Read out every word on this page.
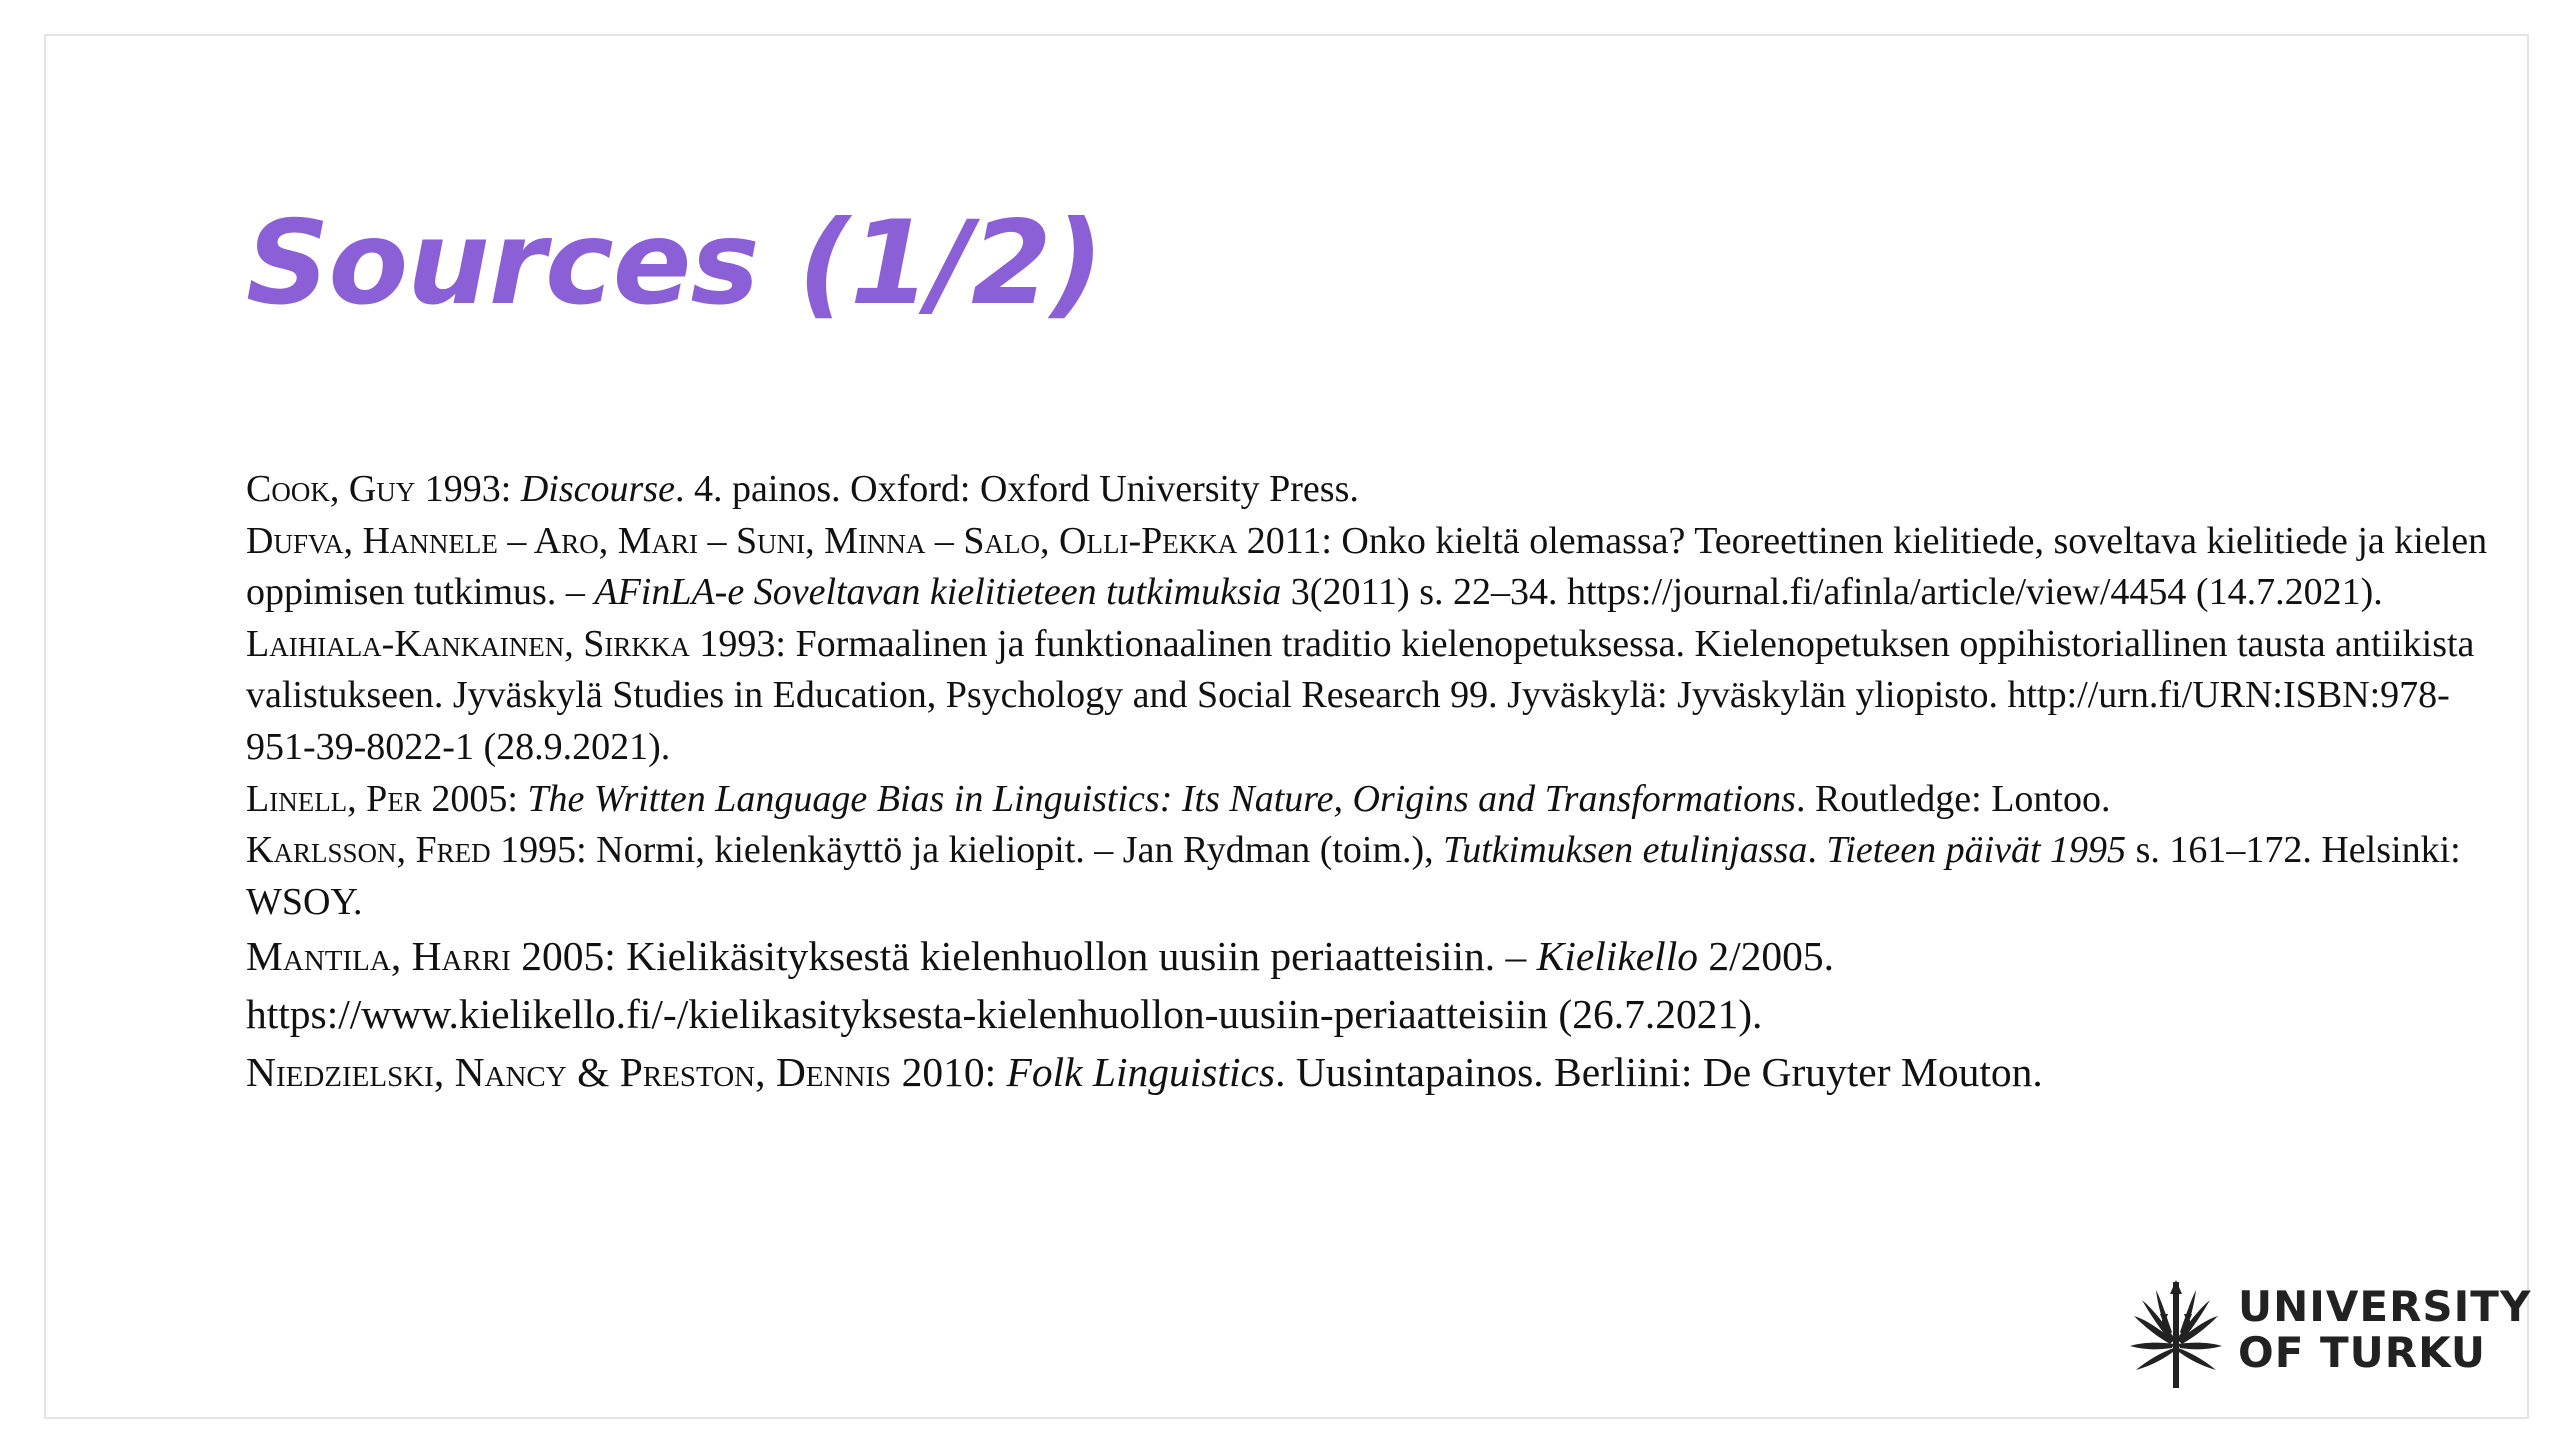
Sources (1/2)

Cook, Guy 1993: Discourse. 4. painos. Oxford: Oxford University Press.

Dufva, Hannele – Aro, Mari – Suni, Minna – Salo, Olli-Pekka 2011: Onko kieltä olemassa? Teoreettinen kielitiede, soveltava kielitiede ja kielen oppimisen tutkimus. – AFinLA-e Soveltavan kielitieteen tutkimuksia 3(2011) s. 22–34. https://journal.fi/afinla/article/view/4454 (14.7.2021).

Laihiala-Kankainen, Sirkka 1993: Formaalinen ja funktionaalinen traditio kielenopetuksessa. Kielenopetuksen oppihistoriallinen tausta antiikista valistukseen. Jyväskylä Studies in Education, Psychology and Social Research 99. Jyväskylä: Jyväskylän yliopisto. http://urn.fi/URN:ISBN:978-951-39-8022-1 (28.9.2021).

Linell, Per 2005: The Written Language Bias in Linguistics: Its Nature, Origins and Transformations. Routledge: Lontoo.

Karlsson, Fred 1995: Normi, kielenkäyttö ja kieliopit. – Jan Rydman (toim.), Tutkimuksen etulinjassa. Tieteen päivät 1995 s. 161–172. Helsinki: WSOY.

Mantila, Harri 2005: Kielikäsityksestä kielenhuollon uusiin periaatteisiin. – Kielikello 2/2005. https://www.kielikello.fi/-/kielikasityksesta-kielenhuollon-uusiin-periaatteisiin (26.7.2021).

Niedzielski, Nancy & Preston, Dennis 2010: Folk Linguistics. Uusintapainos. Berliini: De Gruyter Mouton.

UNIVERSITY
OF TURKU
